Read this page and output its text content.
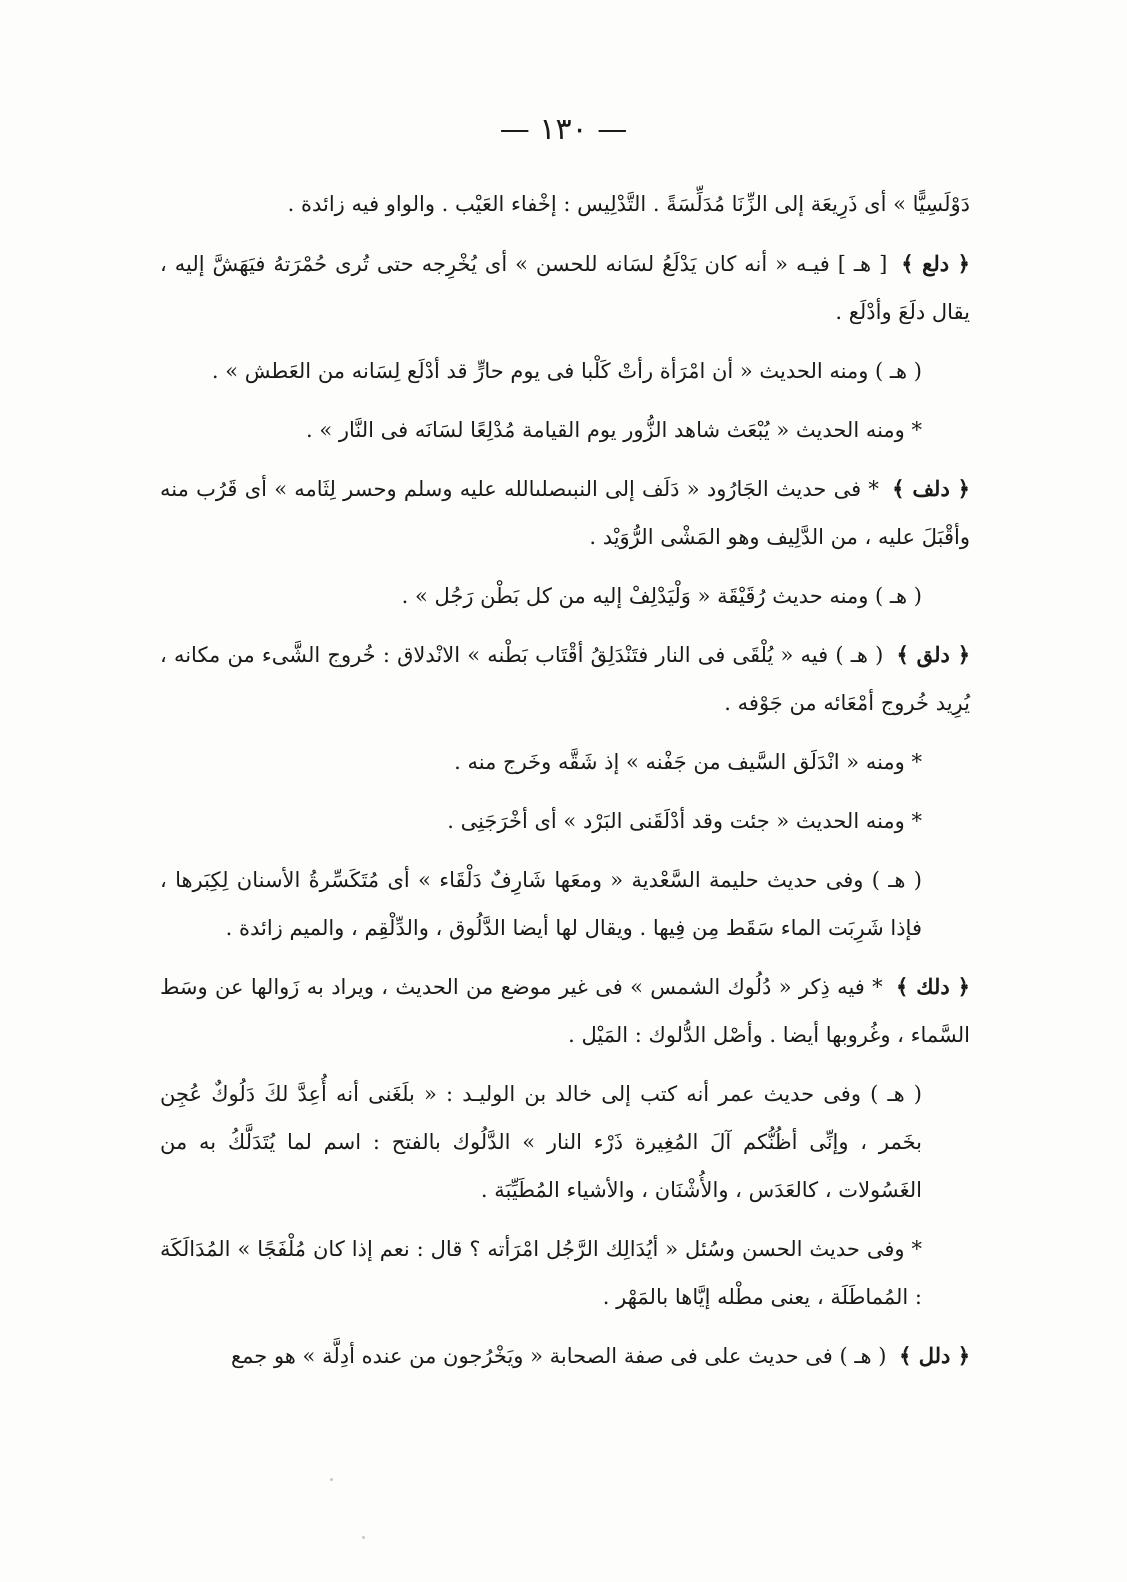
— ١٣٠ —

دَوْلَسِيًّا » أى ذَرِيعَة إلى الزِّنَا مُدَلِّسَةً . التَّدْلِيس : إخْفاء العَيْب . والواو فيه زائدة .

﴿ دلع ﴾ [ هـ ] فيـه « أنه كان يَدْلَعُ لسَانه للحسن » أى يُخْرِجه حتى تُرى حُمْرَتهُ فيَهَشَّ إليه ، يقال دلَعَ وأدْلَع .

( هـ ) ومنه الحديث « أن امْرَأة رأتْ كَلْبا فى يوم حارٍّ قد أدْلَع لِسَانه من العَطش » .

* ومنه الحديث « يُبْعَث شاهد الزُّور يوم القيامة مُدْلِعًا لسَانَه فى النَّار » .

﴿ دلف ﴾ * فى حديث الجَارُود « دَلَف إلى النبىصلىالله عليه وسلم وحسر لِثَامه » أى قَرُب منه وأقْبَلَ عليه ، من الدَّلِيف وهو المَشْى الرُّوَيْد .

( هـ ) ومنه حديث رُقَيْقَة « وَلْيَدْلِفْ إليه من كل بَطْن رَجُل » .

﴿ دلق ﴾ ( هـ ) فيه « يُلْقَى فى النار فتَنْدَلِقُ أقْتَاب بَطْنه » الانْدلاق : خُروج الشَّىء من مكانه ، يُرِيد خُروج أمْعَائه من جَوْفه .

* ومنه « انْدَلَق السَّيف من جَفْنه » إذ شَقَّه وخَرج منه .

* ومنه الحديث « جئت وقد أدْلَقَنى البَرْد » أى أخْرَجَنِى .

( هـ ) وفى حديث حليمة السَّعْدية « ومعَها شَارِفٌ دَلْقَاء » أى مُتَكَسِّرةُ الأسنان لِكِبَرها ، فإذا شَرِبَت الماء سَقَط مِن فِيها . ويقال لها أيضا الدَّلُوق ، والدِّلْقِم ، والميم زائدة .

﴿ دلك ﴾ * فيه ذِكر « دُلُوك الشمس » فى غير موضع من الحديث ، ويراد به زَوالها عن وسَط السَّماء ، وغُروبها أيضا . وأصْل الدُّلوك : المَيْل .

( هـ ) وفى حديث عمر أنه كتب إلى خالد بن الوليـد : « بلَغَنى أنه أُعِدَّ لكَ دَلُوكٌ عُجِن بخَمر ، وإنِّى أظُنُّكم آلَ المُغِيرة ذَرْء النار » الدَّلُوك بالفتح : اسم لما يُتَدَلَّكُ به من الغَسُولات ، كالعَدَس ، والأُشْنَان ، والأشياء المُطَيِّبَة .

* وفى حديث الحسن وسُئل « أيُدَالِك الرَّجُل امْرَأته ؟ قال : نعم إذا كان مُلْفَجًا » المُدَالَكَة : المُماطَلَة ، يعنى مطْله إيَّاها بالمَهْر .

﴿ دلل ﴾ ( هـ ) فى حديث على فى صفة الصحابة « ويَخْرُجون من عنده أدِلَّة » هو جمع
